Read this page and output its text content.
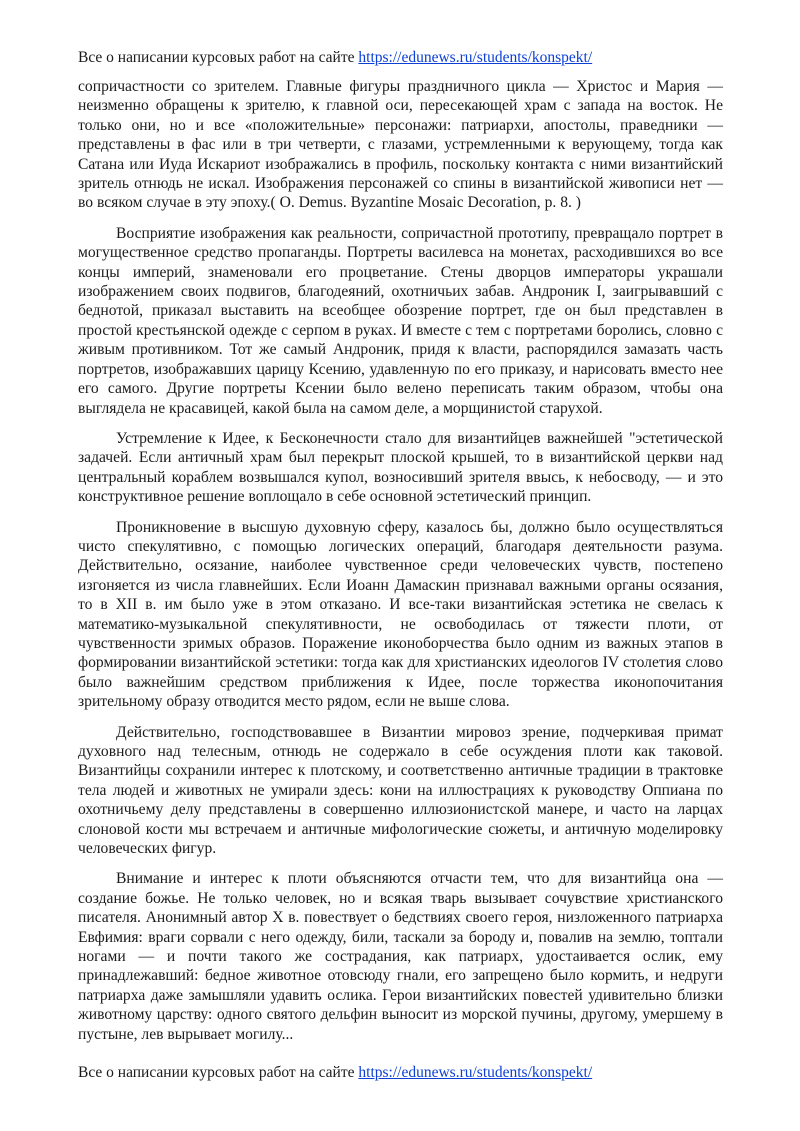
Все о написании курсовых работ на сайте https://edunews.ru/students/konspekt/

сопричастности со зрителем. Главные фигуры праздничного цикла — Христос и Мария — неизменно обращены к зрителю, к главной оси, пересекающей храм с запада на восток. Не только они, но и все «положительные» персонажи: патриархи, апостолы, праведники — представлены в фас или в три четверти, с глазами, устремленными к верующему, тогда как Сатана или Иуда Искариот изображались в профиль, поскольку контакта с ними византийский зритель отнюдь не искал. Изображения персонажей со спины в византийской живописи нет — во всяком случае в эту эпоху.( O. Demus. Byzantine Mosaic Decoration, p. 8. )

Восприятие изображения как реальности, сопричастной прототипу, превращало портрет в могущественное средство пропаганды. Портреты василевса на монетах, расходившихся во все концы империй, знаменовали его процветание. Стены дворцов императоры украшали изображением своих подвигов, благодеяний, охотничьих забав. Андроник I, заигрывавший с беднотой, приказал выставить на всеобщее обозрение портрет, где он был представлен в простой крестьянской одежде с серпом в руках. И вместе с тем с портретами боролись, словно с живым противником. Тот же самый Андроник, придя к власти, распорядился замазать часть портретов, изображавших царицу Ксению, удавленную по его приказу, и нарисовать вместо нее его самого. Другие портреты Ксении было велено переписать таким образом, чтобы она выглядела не красавицей, какой была на самом деле, а морщинистой старухой.

Устремление к Идее, к Бесконечности стало для византийцев важнейшей "эстетической задачей. Если античный храм был перекрыт плоской крышей, то в византийской церкви над центральный кораблем возвышался купол, возносивший зрителя ввысь, к небосводу, — и это конструктивное решение воплощало в себе основной эстетический принцип.

Проникновение в высшую духовную сферу, казалось бы, должно было осуществляться чисто спекулятивно, с помощью логических операций, благодаря деятельности разума. Действительно, осязание, наиболее чувственное среди человеческих чувств, постепено изгоняется из числа главнейших. Если Иоанн Дамаскин признавал важными органы осязания, то в XII в. им было уже в этом отказано. И все-таки византийская эстетика не свелась к математико-музыкальной спекулятивности, не освободилась от тяжести плоти, от чувственности зримых образов. Поражение иконоборчества было одним из важных этапов в формировании византийской эстетики: тогда как для христианских идеологов IV столетия слово было важнейшим средством приближения к Идее, после торжества иконопочитания зрительному образу отводится место рядом, если не выше слова.

Действительно, господствовавшее в Византии мировоз зрение, подчеркивая примат духовного над телесным, отнюдь не содержало в себе осуждения плоти как таковой. Византийцы сохранили интерес к плотскому, и соответственно античные традиции в трактовке тела людей и животных не умирали здесь: кони на иллюстрациях к руководству Оппиана по охотничьему делу представлены в совершенно иллюзионистской манере, и часто на ларцах слоновой кости мы встречаем и античные мифологические сюжеты, и античную моделировку человеческих фигур.

Внимание и интерес к плоти объясняются отчасти тем, что для византийца она — создание божье. Не только человек, но и всякая тварь вызывает сочувствие христианского писателя. Анонимный автор X в. повествует о бедствиях своего героя, низложенного патриарха Евфимия: враги сорвали с него одежду, били, таскали за бороду и, повалив на землю, топтали ногами — и почти такого же сострадания, как патриарх, удостаивается ослик, ему принадлежавший: бедное животное отовсюду гнали, его запрещено было кормить, и недруги патриарха даже замышляли удавить ослика. Герои византийских повестей удивительно близки животному царству: одного святого дельфин выносит из морской пучины, другому, умершему в пустыне, лев вырывает могилу...

Все о написании курсовых работ на сайте https://edunews.ru/students/konspekt/
